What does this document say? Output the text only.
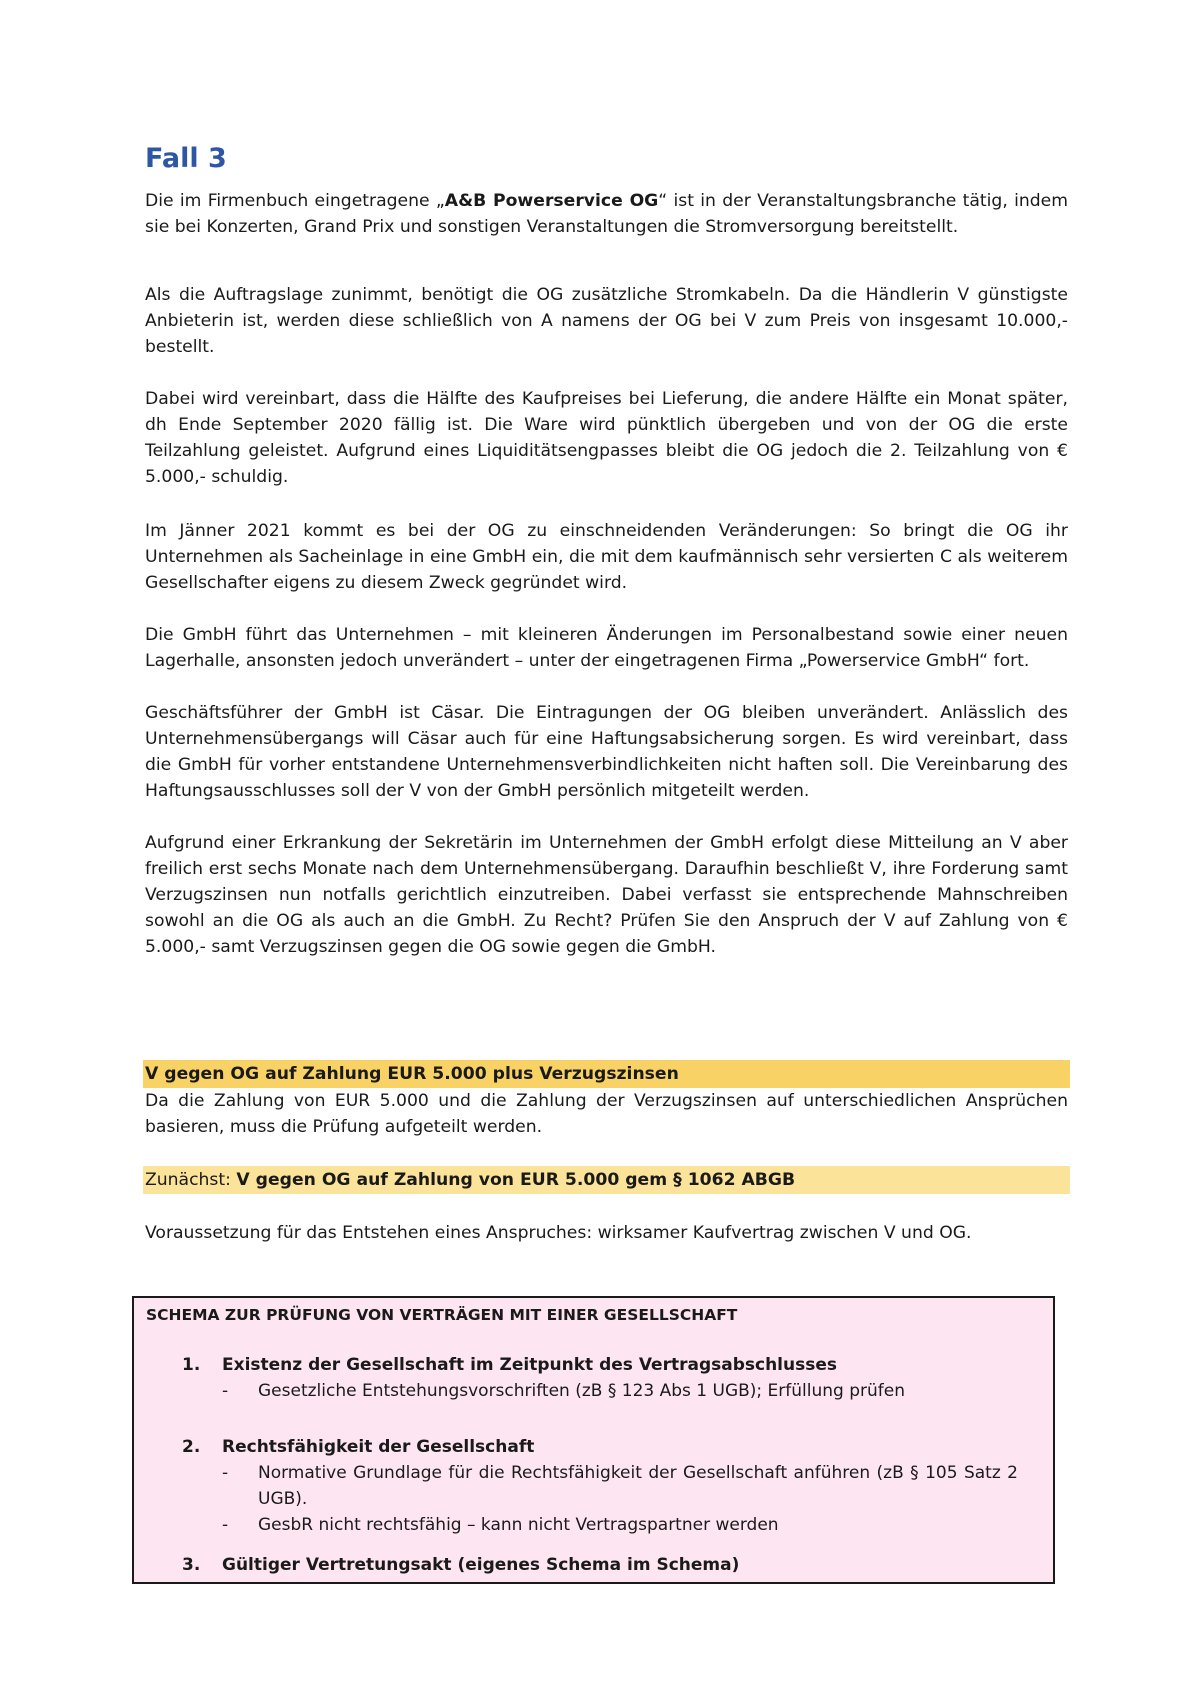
Fall 3

Die im Firmenbuch eingetragene „A&B Powerservice OG“ ist in der Veranstaltungsbranche tätig, indem sie bei Konzerten, Grand Prix und sonstigen Veranstaltungen die Stromversorgung bereitstellt.

Als die Auftragslage zunimmt, benötigt die OG zusätzliche Stromkabeln. Da die Händlerin V günstigste Anbieterin ist, werden diese schließlich von A namens der OG bei V zum Preis von insgesamt 10.000,- bestellt.

Dabei wird vereinbart, dass die Hälfte des Kaufpreises bei Lieferung, die andere Hälfte ein Monat später, dh Ende September 2020 fällig ist. Die Ware wird pünktlich übergeben und von der OG die erste Teilzahlung geleistet. Aufgrund eines Liquiditätsengpasses bleibt die OG jedoch die 2. Teilzahlung von € 5.000,- schuldig.

Im Jänner 2021 kommt es bei der OG zu einschneidenden Veränderungen: So bringt die OG ihr Unternehmen als Sacheinlage in eine GmbH ein, die mit dem kaufmännisch sehr versierten C als weiterem Gesellschafter eigens zu diesem Zweck gegründet wird.

Die GmbH führt das Unternehmen – mit kleineren Änderungen im Personalbestand sowie einer neuen Lagerhalle, ansonsten jedoch unverändert – unter der eingetragenen Firma „Powerservice GmbH“ fort.

Geschäftsführer der GmbH ist Cäsar. Die Eintragungen der OG bleiben unverändert. Anlässlich des Unternehmensübergangs will Cäsar auch für eine Haftungsabsicherung sorgen. Es wird vereinbart, dass die GmbH für vorher entstandene Unternehmensverbindlichkeiten nicht haften soll. Die Vereinbarung des Haftungsausschlusses soll der V von der GmbH persönlich mitgeteilt werden.

Aufgrund einer Erkrankung der Sekretärin im Unternehmen der GmbH erfolgt diese Mitteilung an V aber freilich erst sechs Monate nach dem Unternehmensübergang. Daraufhin beschließt V, ihre Forderung samt Verzugszinsen nun notfalls gerichtlich einzutreiben. Dabei verfasst sie entsprechende Mahnschreiben sowohl an die OG als auch an die GmbH. Zu Recht? Prüfen Sie den Anspruch der V auf Zahlung von € 5.000,- samt Verzugszinsen gegen die OG sowie gegen die GmbH.

V gegen OG auf Zahlung EUR 5.000 plus Verzugszinsen

Da die Zahlung von EUR 5.000 und die Zahlung der Verzugszinsen auf unterschiedlichen Ansprüchen basieren, muss die Prüfung aufgeteilt werden.

Zunächst: V gegen OG auf Zahlung von EUR 5.000 gem § 1062 ABGB

Voraussetzung für das Entstehen eines Anspruches: wirksamer Kaufvertrag zwischen V und OG.

SCHEMA ZUR PRÜFUNG VON VERTRÄGEN MIT EINER GESELLSCHAFT
1.	Existenz der Gesellschaft im Zeitpunkt des Vertragsabschlusses
- Gesetzliche Entstehungsvorschriften (zB § 123 Abs 1 UGB); Erfüllung prüfen
2.	Rechtsfähigkeit der Gesellschaft
- Normative Grundlage für die Rechtsfähigkeit der Gesellschaft anführen (zB § 105 Satz 2 UGB).
- GesbR nicht rechtsfähig – kann nicht Vertragspartner werden
3.	Gültiger Vertretungsakt (eigenes Schema im Schema)
